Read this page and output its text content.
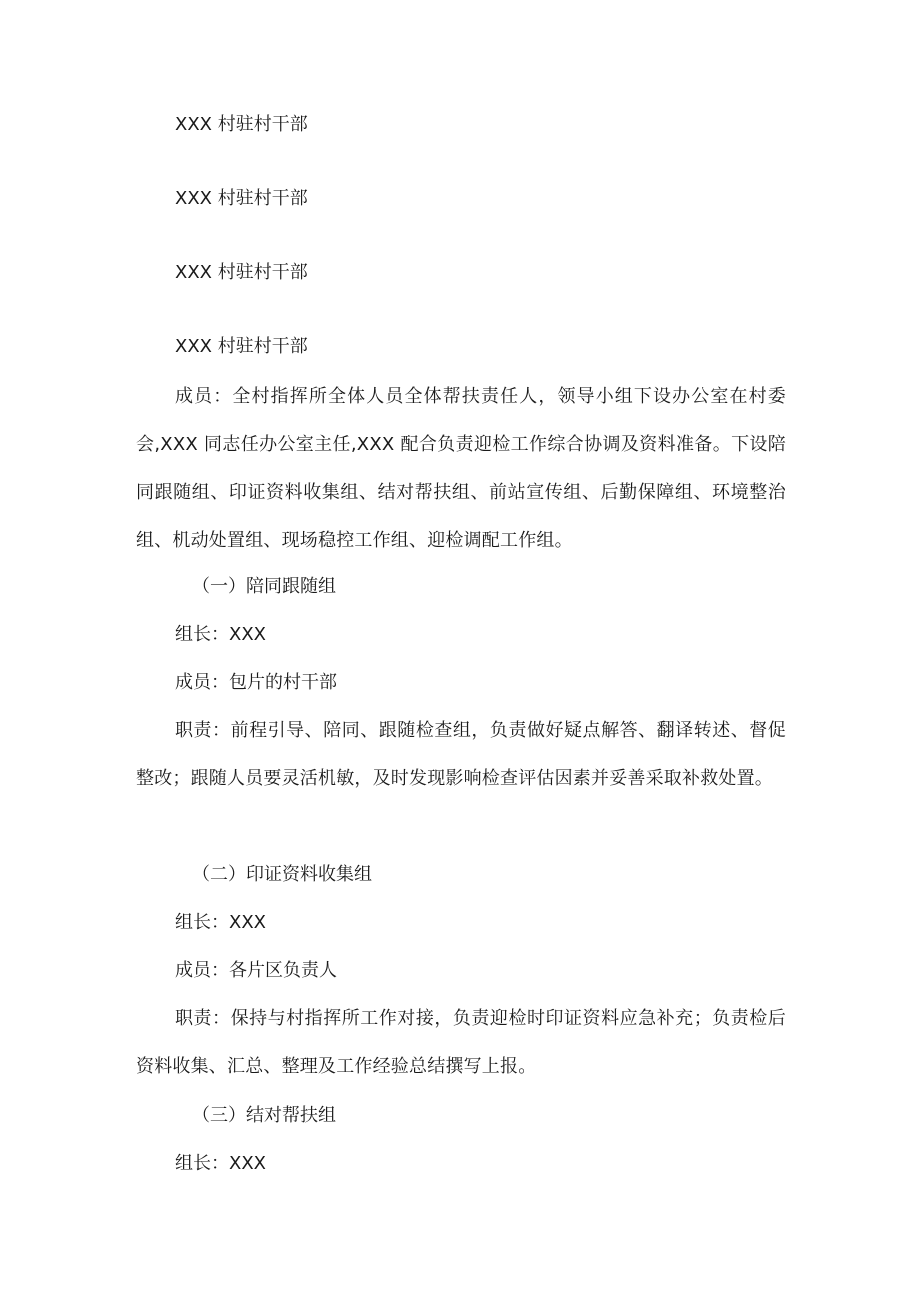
XXX 村驻村干部

XXX 村驻村干部

XXX 村驻村干部

XXX 村驻村干部

成员：全村指挥所全体人员全体帮扶责任人，领导小组下设办公室在村委会,XXX 同志任办公室主任,XXX 配合负责迎检工作综合协调及资料准备。下设陪同跟随组、印证资料收集组、结对帮扶组、前站宣传组、后勤保障组、环境整治组、机动处置组、现场稳控工作组、迎检调配工作组。

（一）陪同跟随组

组长：XXX

成员：包片的村干部

职责：前程引导、陪同、跟随检查组，负责做好疑点解答、翻译转述、督促整改；跟随人员要灵活机敏，及时发现影响检查评估因素并妥善采取补救处置。

（二）印证资料收集组

组长：XXX

成员：各片区负责人

职责：保持与村指挥所工作对接，负责迎检时印证资料应急补充；负责检后资料收集、汇总、整理及工作经验总结撰写上报。

（三）结对帮扶组

组长：XXX
